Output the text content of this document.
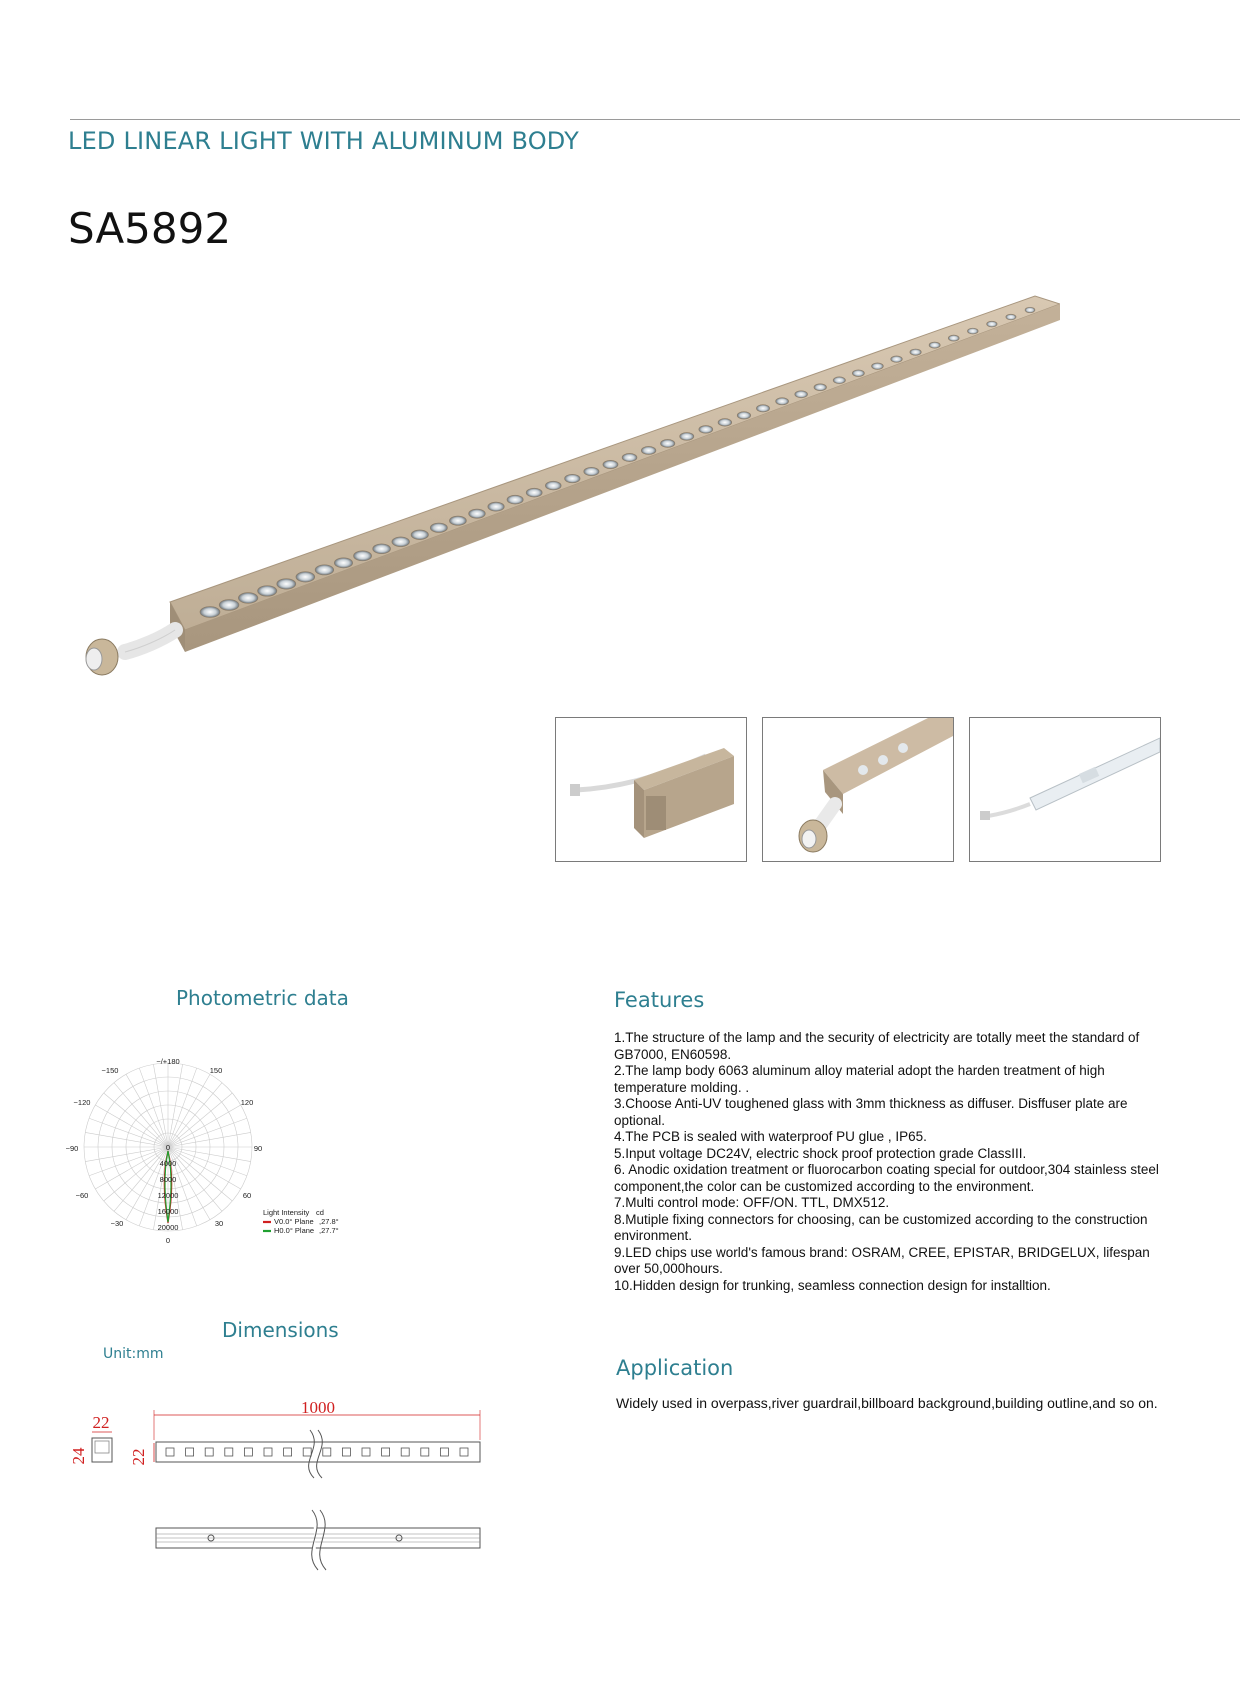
LED LINEAR LIGHT WITH ALUMINUM BODY
SA5892
Photometric data	Features
Dimensions
Unit:mm
Application
−/+180
−150	150
−120	120
−90	90
−60	60
−30	30
0
0
4000
8000
12000
16000
20000
Light Intensity cd
V0.0° Plane ,27.8°
H0.0° Plane ,27.7°
1.The structure of the lamp and the security of electricity are totally meet the standard of GB7000, EN60598.
2.The lamp body 6063 aluminum alloy material adopt the harden treatment of high temperature molding. .
3.Choose Anti-UV toughened glass with 3mm thickness as diffuser. Disffuser plate are optional.
4.The PCB is sealed with waterproof PU glue , IP65.
5.Input voltage DC24V, electric shock proof protection grade ClassIII.
6. Anodic oxidation treatment or fluorocarbon coating special for outdoor,304 stainless steel component,the color can be customized according to the environment.
7.Multi control mode: OFF/ON. TTL, DMX512.
8.Mutiple fixing connectors for choosing, can be customized according to the construction environment.
9.LED chips use world's famous brand: OSRAM, CREE, EPISTAR, BRIDGELUX, lifespan over 50,000hours.
10.Hidden design for trunking, seamless connection design for installtion.
Widely used in overpass,river guardrail,billboard background,building outline,and so on.
22
24 22
1000
